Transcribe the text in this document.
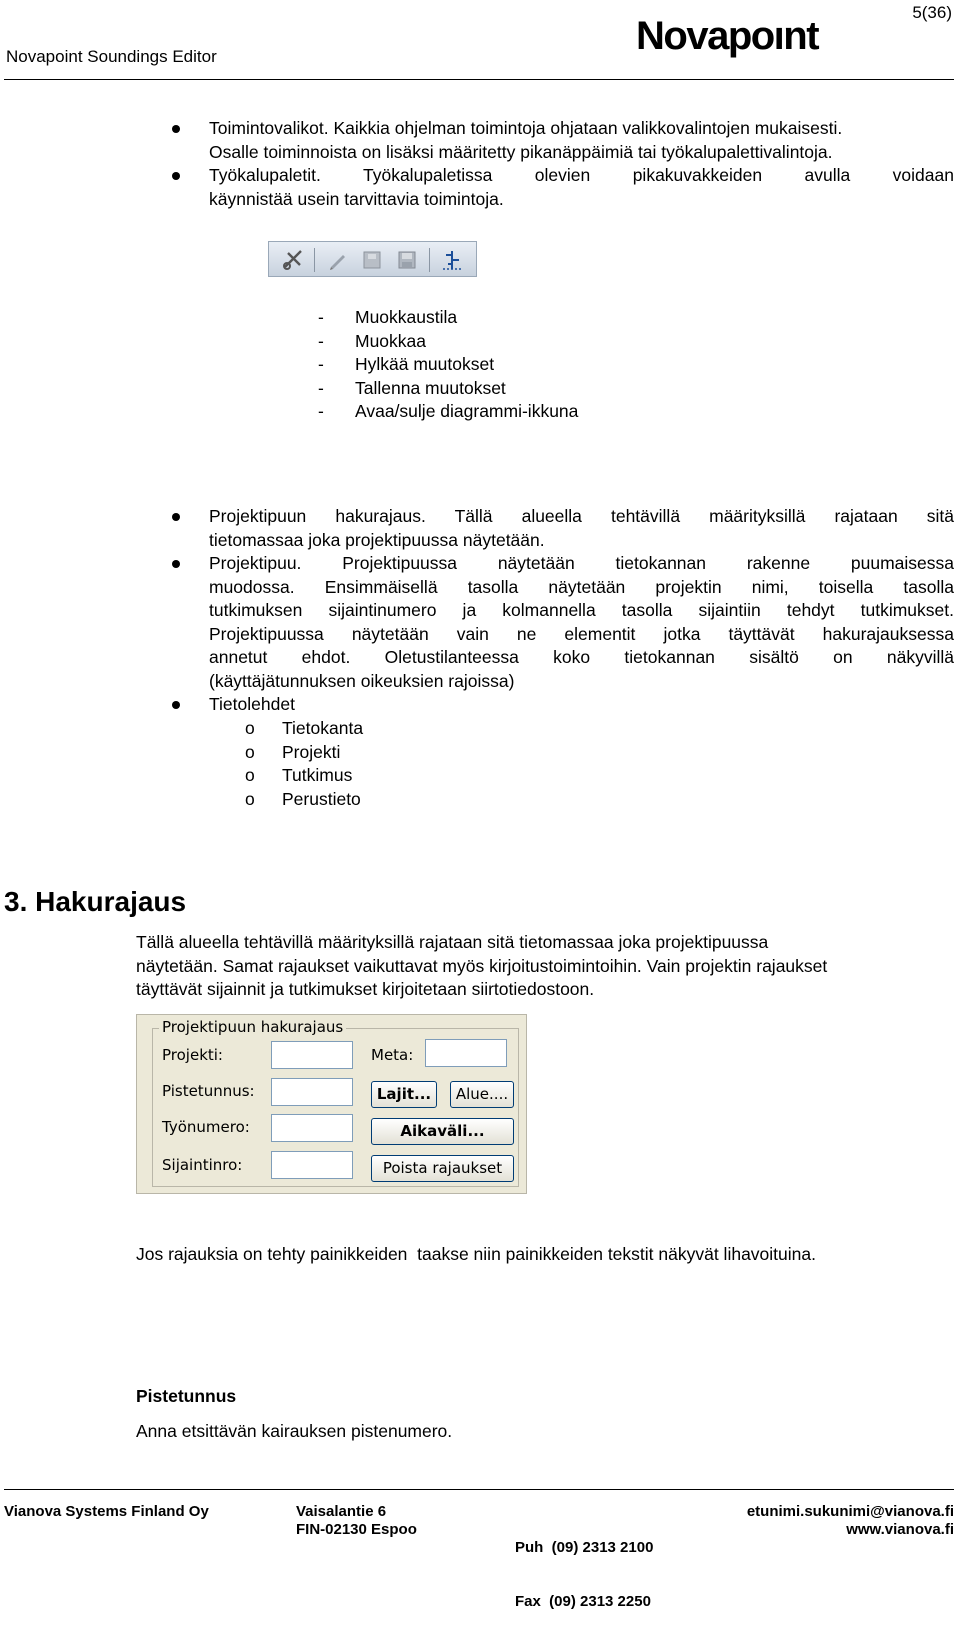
5(36)
Novapoint Soundings Editor	Novapoınt
Toimintovalikot. Kaikkia ohjelman toimintoja ohjataan valikkovalintojen mukaisesti.
Osalle toiminnoista on lisäksi määritetty pikanäppäimiä tai työkalupalettivalintoja.
Työkalupaletit. Työkalupaletissa olevien pikakuvakkeiden avulla voidaan
käynnistää usein tarvittavia toimintoja.
- Muokkaustila
- Muokkaa
- Hylkää muutokset
- Tallenna muutokset
- Avaa/sulje diagrammi-ikkuna
Projektipuun hakurajaus. Tällä alueella tehtävillä määrityksillä rajataan sitä
tietomassaa joka projektipuussa näytetään.
Projektipuu. Projektipuussa näytetään tietokannan rakenne puumaisessa
muodossa. Ensimmäisellä tasolla näytetään projektin nimi, toisella tasolla
tutkimuksen sijaintinumero ja kolmannella tasolla sijaintiin tehdyt tutkimukset.
Projektipuussa näytetään vain ne elementit jotka täyttävät hakurajauksessa
annetut ehdot. Oletustilanteessa koko tietokannan sisältö on näkyvillä
(käyttäjätunnuksen oikeuksien rajoissa)
Tietolehdet
o Tietokanta
o Projekti
o Tutkimus
o Perustieto
3. Hakurajaus
Tällä alueella tehtävillä määrityksillä rajataan sitä tietomassaa joka projektipuussa
näytetään. Samat rajaukset vaikuttavat myös kirjoitustoimintoihin. Vain projektin rajaukset
täyttävät sijainnit ja tutkimukset kirjoitetaan siirtotiedostoon.
Projektipuun hakurajaus
Projekti:
Pistetunnus:
Työnumero:
Sijaintinro:
Meta:
Lajit...	Alue....
Aikaväli...
Poista rajaukset
Jos rajauksia on tehty painikkeiden  taakse niin painikkeiden tekstit näkyvät lihavoituina.
Pistetunnus
Anna etsittävän kairauksen pistenumero.
Vianova Systems Finland Oy	Vaisalantie 6
FIN-02130 Espoo

Puh  (09) 2313 2100

Fax  (09) 2313 2250

etunimi.sukunimi@vianova.fi
www.vianova.fi
